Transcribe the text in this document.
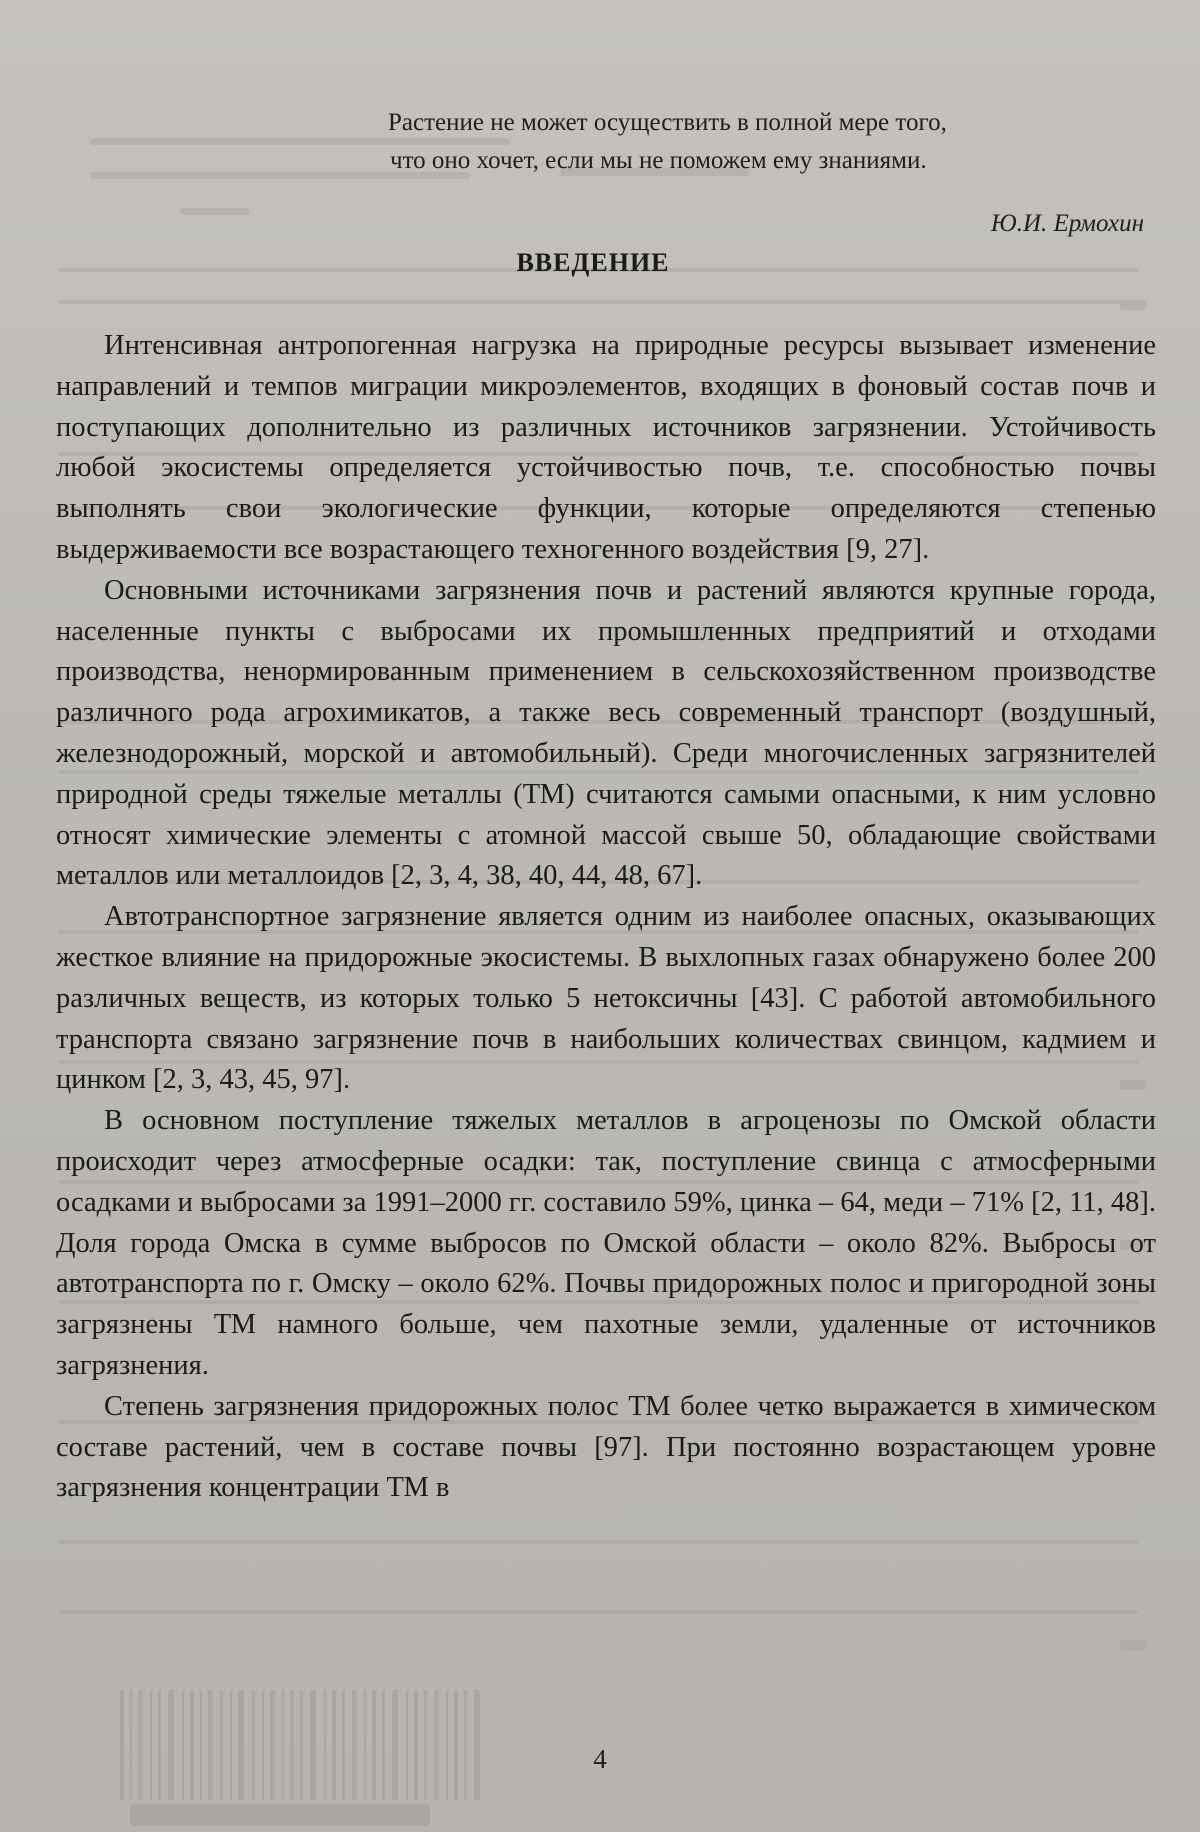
Растение не может осуществить в полной мере того,
что оно хочет, если мы не поможем ему знаниями.
Ю.И. Ермохин
ВВЕДЕНИЕ

Интенсивная антропогенная нагрузка на природные ресурсы вызывает изменение направлений и темпов миграции микроэлементов, входящих в фоновый состав почв и поступающих дополнительно из различных источников загрязнении. Устойчивость любой экосистемы определяется устойчивостью почв, т.е. способностью почвы выполнять свои экологические функции, которые определяются степенью выдерживаемости все возрастающего техногенного воздействия [9, 27].

Основными источниками загрязнения почв и растений являются крупные города, населенные пункты с выбросами их промышленных предприятий и отходами производства, ненормированным применением в сельскохозяйственном производстве различного рода агрохимикатов, а также весь современный транспорт (воздушный, железнодорожный, морской и автомобильный). Среди многочисленных загрязнителей природной среды тяжелые металлы (ТМ) считаются самыми опасными, к ним условно относят химические элементы с атомной массой свыше 50, обладающие свойствами металлов или металлоидов [2, 3, 4, 38, 40, 44, 48, 67].

Автотранспортное загрязнение является одним из наиболее опасных, оказывающих жесткое влияние на придорожные экосистемы. В выхлопных газах обнаружено более 200 различных веществ, из которых только 5 нетоксичны [43]. С работой автомобильного транспорта связано загрязнение почв в наибольших количествах свинцом, кадмием и цинком [2, 3, 43, 45, 97].

В основном поступление тяжелых металлов в агроценозы по Омской области происходит через атмосферные осадки: так, поступление свинца с атмосферными осадками и выбросами за 1991–2000 гг. составило 59%, цинка – 64, меди – 71% [2, 11, 48]. Доля города Омска в сумме выбросов по Омской области – около 82%. Выбросы от автотранспорта по г. Омску – около 62%. Почвы придорожных полос и пригородной зоны загрязнены ТМ намного больше, чем пахотные земли, удаленные от источников загрязнения.

Степень загрязнения придорожных полос ТМ более четко выражается в химическом составе растений, чем в составе почвы [97]. При постоянно возрастающем уровне загрязнения концентрации ТМ в

4
